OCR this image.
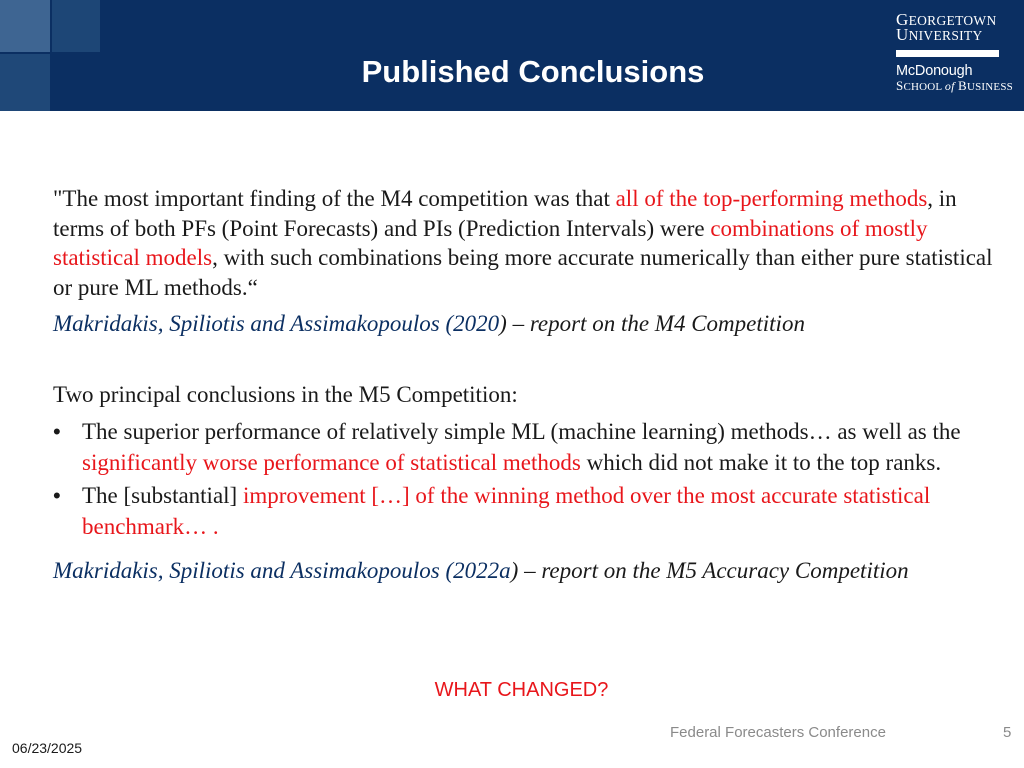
Published Conclusions
GEORGETOWN
UNIVERSITY
McDonough
SCHOOL of BUSINESS

"The most important finding of the M4 competition was that all of the top-performing methods, in terms of both PFs (Point Forecasts) and PIs (Prediction Intervals) were combinations of mostly statistical models, with such combinations being more accurate numerically than either pure statistical or pure ML methods.“

Makridakis, Spiliotis and Assimakopoulos (2020) – report on the M4 Competition

Two principal conclusions in the M5 Competition:

• The superior performance of relatively simple ML (machine learning) methods… as well as the significantly worse performance of statistical methods which did not make it to the top ranks.
• The [substantial] improvement […] of the winning method over the most accurate statistical benchmark… .

Makridakis, Spiliotis and Assimakopoulos (2022a) – report on the M5 Accuracy Competition

WHAT CHANGED?
Federal Forecasters Conference	5
06/23/2025
